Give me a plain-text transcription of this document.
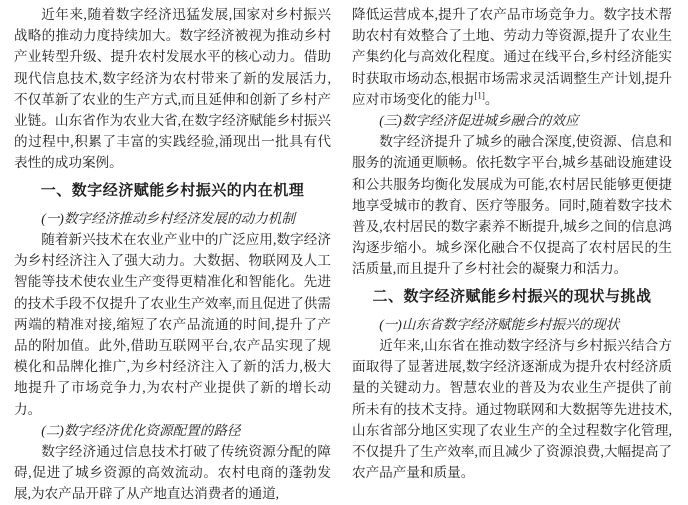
近年来,随着数字经济迅猛发展,国家对乡村振兴战略的推动力度持续加大。数字经济被视为推动乡村产业转型升级、提升农村发展水平的核心动力。借助现代信息技术,数字经济为农村带来了新的发展活力,不仅革新了农业的生产方式,而且延伸和创新了乡村产业链。山东省作为农业大省,在数字经济赋能乡村振兴的过程中,积累了丰富的实践经验,涌现出一批具有代表性的成功案例。

一、数字经济赋能乡村振兴的内在机理

(一)数字经济推动乡村经济发展的动力机制

随着新兴技术在农业产业中的广泛应用,数字经济为乡村经济注入了强大动力。大数据、物联网及人工智能等技术使农业生产变得更精准化和智能化。先进的技术手段不仅提升了农业生产效率,而且促进了供需两端的精准对接,缩短了农产品流通的时间,提升了产品的附加值。此外,借助互联网平台,农产品实现了规模化和品牌化推广,为乡村经济注入了新的活力,极大地提升了市场竞争力,为农村产业提供了新的增长动力。

(二)数字经济优化资源配置的路径

数字经济通过信息技术打破了传统资源分配的障碍,促进了城乡资源的高效流动。农村电商的蓬勃发展,为农产品开辟了从产地直达消费者的通道,

降低运营成本,提升了农产品市场竞争力。数字技术帮助农村有效整合了土地、劳动力等资源,提升了农业生产集约化与高效化程度。通过在线平台,乡村经济能实时获取市场动态,根据市场需求灵活调整生产计划,提升应对市场变化的能力[1]。

(三)数字经济促进城乡融合的效应

数字经济提升了城乡的融合深度,使资源、信息和服务的流通更顺畅。依托数字平台,城乡基础设施建设和公共服务均衡化发展成为可能,农村居民能够更便捷地享受城市的教育、医疗等服务。同时,随着数字技术普及,农村居民的数字素养不断提升,城乡之间的信息鸿沟逐步缩小。城乡深化融合不仅提高了农村居民的生活质量,而且提升了乡村社会的凝聚力和活力。

二、数字经济赋能乡村振兴的现状与挑战

(一)山东省数字经济赋能乡村振兴的现状

近年来,山东省在推动数字经济与乡村振兴结合方面取得了显著进展,数字经济逐渐成为提升农村经济质量的关键动力。智慧农业的普及为农业生产提供了前所未有的技术支持。通过物联网和大数据等先进技术,山东省部分地区实现了农业生产的全过程数字化管理,不仅提升了生产效率,而且减少了资源浪费,大幅提高了农产品产量和质量。
